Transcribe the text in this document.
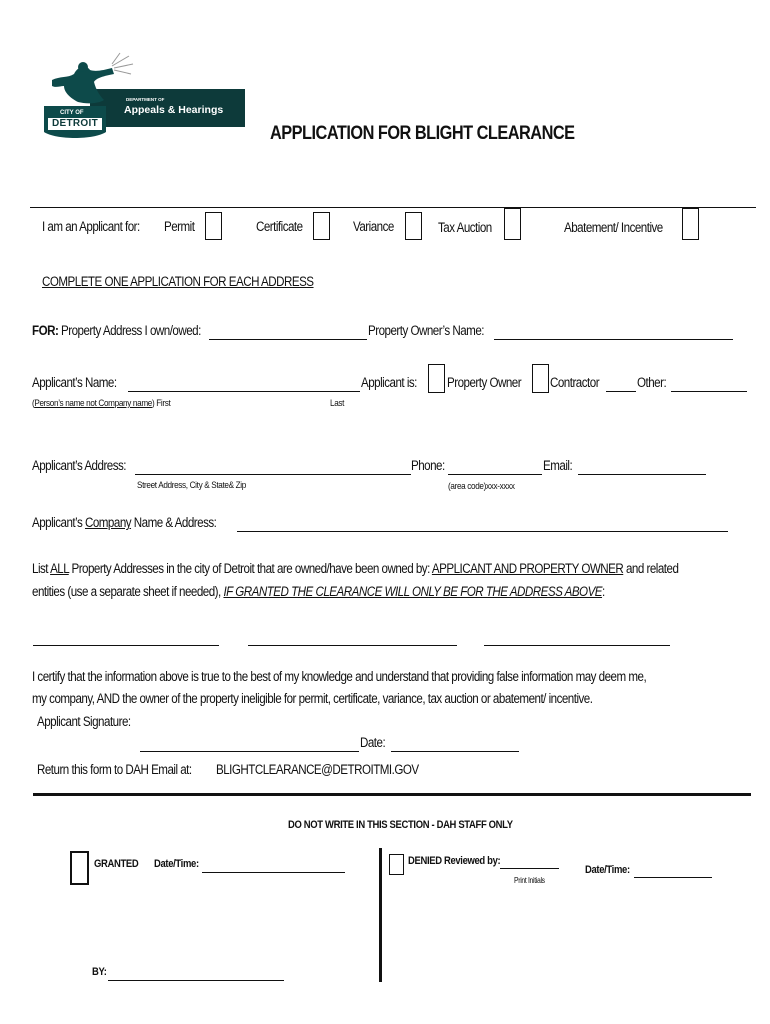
CITY OF
DETROIT
DEPARTMENT OF
Appeals & Hearings
APPLICATION FOR BLIGHT CLEARANCE
I am an Applicant for: Permit	Certificate	Variance	Tax Auction	Abatement/ Incentive
COMPLETE ONE APPLICATION FOR EACH ADDRESS
FOR: Property Address I own/owed:	Property Owner’s Name:
Applicant’s Name:	Applicant is: Property Owner Contractor	Other:
(Person’s name not Company name) First	Last
Applicant’s Address:	Phone:	Email:
Street Address, City & State& Zip	(area code)xxx-xxxx
Applicant’s Company Name & Address:
List ALL Property Addresses in the city of Detroit that are owned/have been owned by: APPLICANT AND PROPERTY OWNER and related
entities (use a separate sheet if needed), IF GRANTED THE CLEARANCE WILL ONLY BE FOR THE ADDRESS ABOVE:
I certify that the information above is true to the best of my knowledge and understand that providing false information may deem me,
my company, AND the owner of the property ineligible for permit, certificate, variance, tax auction or abatement/ incentive.
Applicant Signature:
Date:
Return this form to DAH Email at: BLIGHTCLEARANCE@DETROITMI.GOV
DO NOT WRITE IN THIS SECTION - DAH STAFF ONLY
GRANTED Date/Time:
BY:
DENIED Reviewed by:
Print Initials
Date/Time:
